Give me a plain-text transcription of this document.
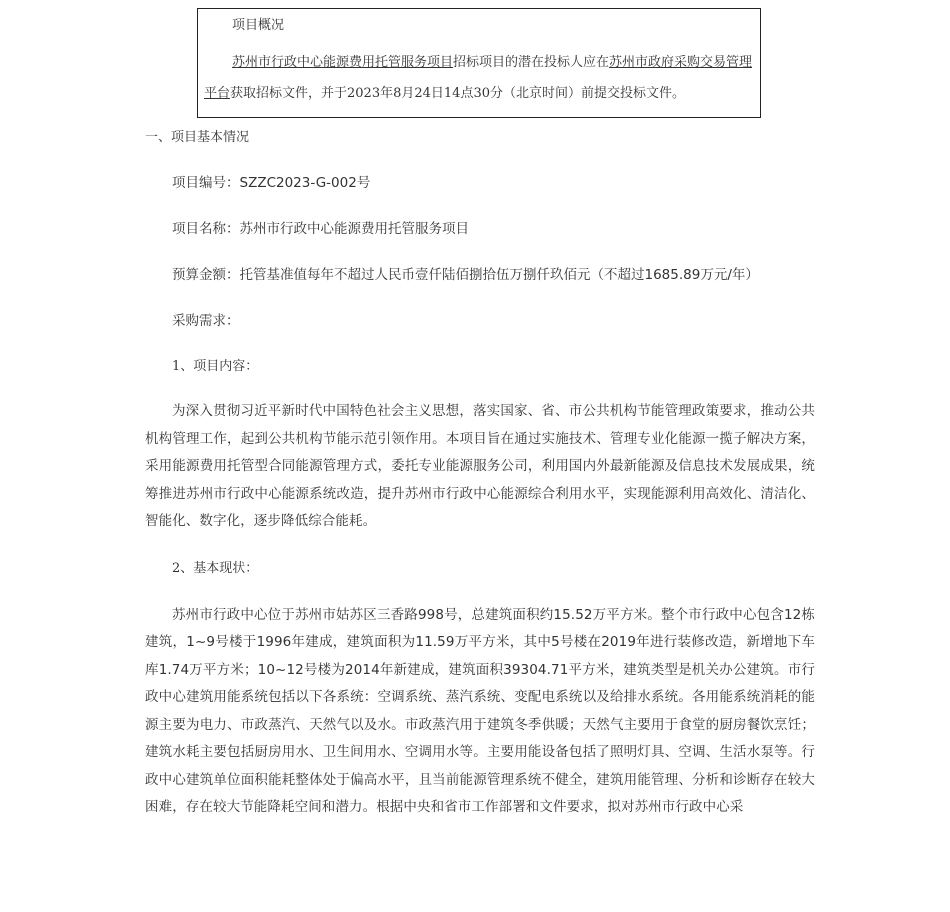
项目概况
苏州市行政中心能源费用托管服务项目招标项目的潜在投标人应在苏州市政府采购交易管理平台获取招标文件，并于2023年8月24日14点30分（北京时间）前提交投标文件。
一、项目基本情况
项目编号：SZZC2023-G-002号
项目名称：苏州市行政中心能源费用托管服务项目
预算金额：托管基准值每年不超过人民币壹仟陆佰捌拾伍万捌仟玖佰元（不超过1685.89万元/年）
采购需求：
1、项目内容：
为深入贯彻习近平新时代中国特色社会主义思想，落实国家、省、市公共机构节能管理政策要求，推动公共机构管理工作，起到公共机构节能示范引领作用。本项目旨在通过实施技术、管理专业化能源一揽子解决方案，采用能源费用托管型合同能源管理方式，委托专业能源服务公司，利用国内外最新能源及信息技术发展成果，统筹推进苏州市行政中心能源系统改造，提升苏州市行政中心能源综合利用水平，实现能源利用高效化、清洁化、智能化、数字化，逐步降低综合能耗。
2、基本现状：
苏州市行政中心位于苏州市姑苏区三香路998号，总建筑面积约15.52万平方米。整个市行政中心包含12栋建筑，1~9号楼于1996年建成，建筑面积为11.59万平方米，其中5号楼在2019年进行装修改造，新增地下车库1.74万平方米；10~12号楼为2014年新建成，建筑面积39304.71平方米，建筑类型是机关办公建筑。市行政中心建筑用能系统包括以下各系统：空调系统、蒸汽系统、变配电系统以及给排水系统。各用能系统消耗的能源主要为电力、市政蒸汽、天然气以及水。市政蒸汽用于建筑冬季供暖；天然气主要用于食堂的厨房餐饮烹饪；建筑水耗主要包括厨房用水、卫生间用水、空调用水等。主要用能设备包括了照明灯具、空调、生活水泵等。行政中心建筑单位面积能耗整体处于偏高水平，且当前能源管理系统不健全，建筑用能管理、分析和诊断存在较大困难，存在较大节能降耗空间和潜力。根据中央和省市工作部署和文件要求，拟对苏州市行政中心采
